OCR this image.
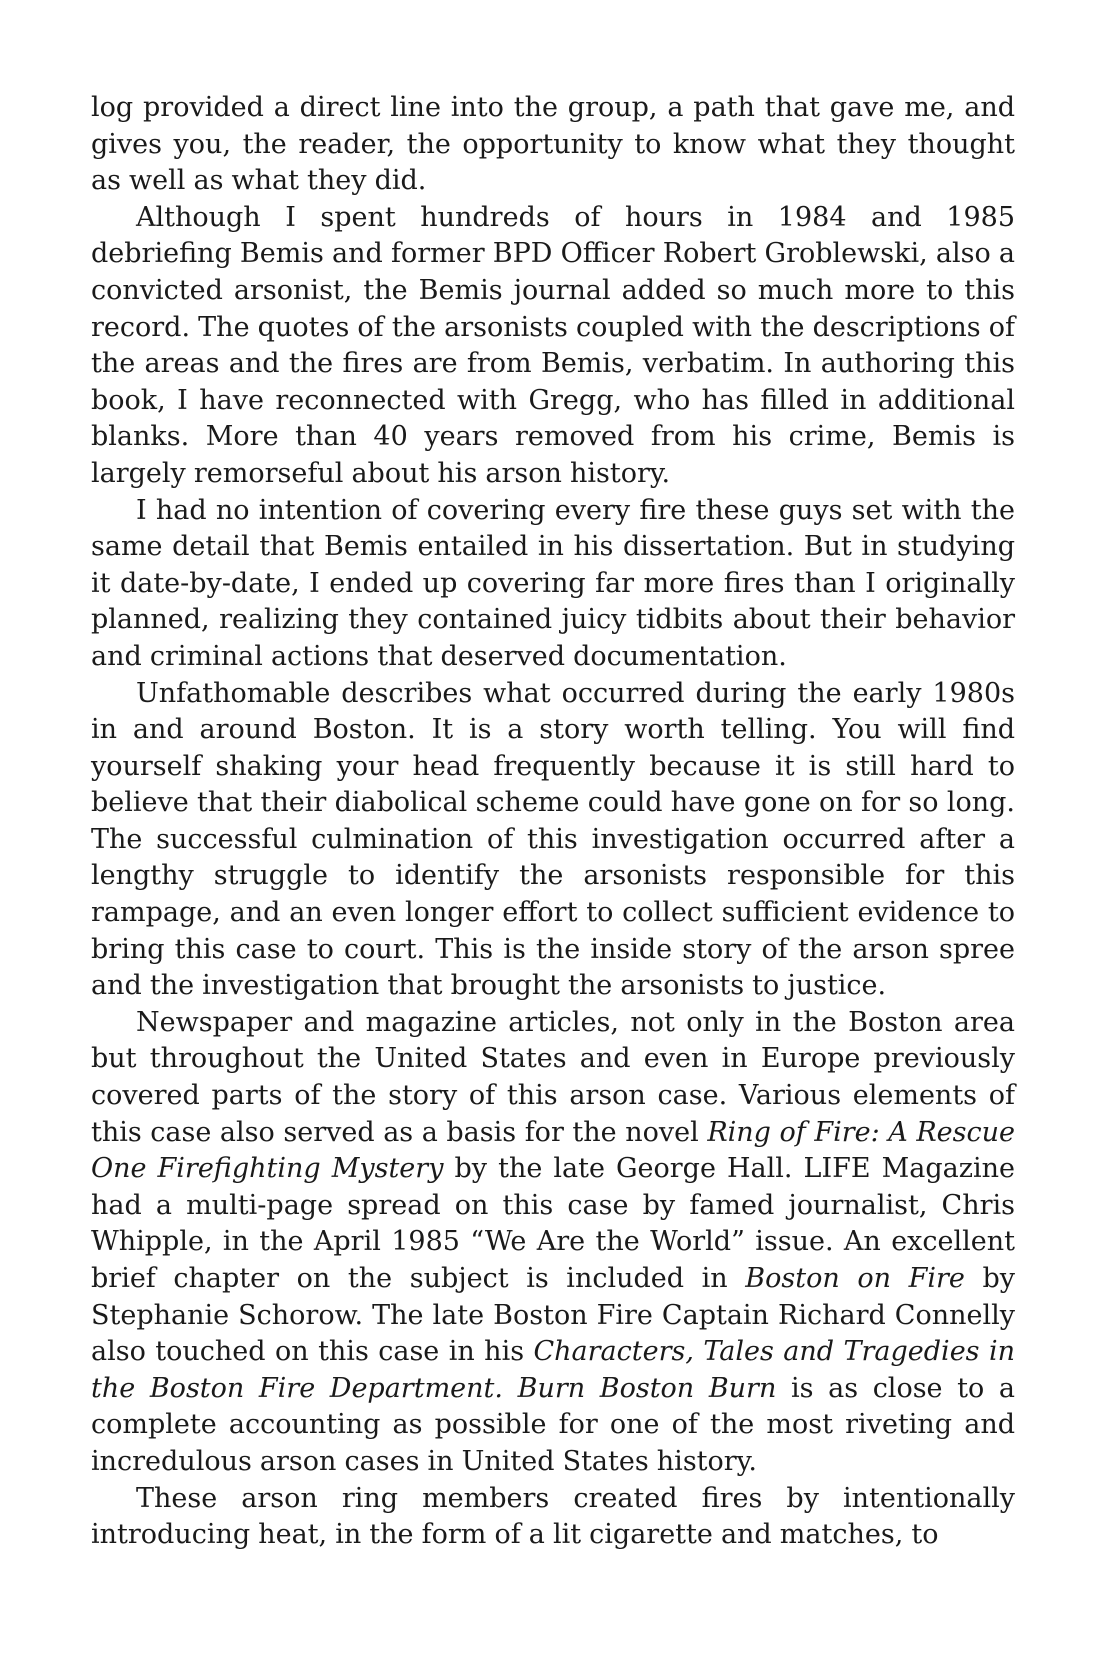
log provided a direct line into the group, a path that gave me, and gives you, the reader, the opportunity to know what they thought as well as what they did.

Although I spent hundreds of hours in 1984 and 1985 debriefing Bemis and former BPD Officer Robert Groblewski, also a convicted arsonist, the Bemis journal added so much more to this record. The quotes of the arsonists coupled with the descriptions of the areas and the fires are from Bemis, verbatim. In authoring this book, I have reconnected with Gregg, who has filled in additional blanks. More than 40 years removed from his crime, Bemis is largely remorseful about his arson history.

I had no intention of covering every fire these guys set with the same detail that Bemis entailed in his dissertation. But in studying it date-by-date, I ended up covering far more fires than I originally planned, realizing they contained juicy tidbits about their behavior and criminal actions that deserved documentation.

Unfathomable describes what occurred during the early 1980s in and around Boston. It is a story worth telling. You will find yourself shaking your head frequently because it is still hard to believe that their diabolical scheme could have gone on for so long. The successful culmination of this investigation occurred after a lengthy struggle to identify the arsonists responsible for this rampage, and an even longer effort to collect sufficient evidence to bring this case to court. This is the inside story of the arson spree and the investigation that brought the arsonists to justice.

Newspaper and magazine articles, not only in the Boston area but throughout the United States and even in Europe previously covered parts of the story of this arson case. Various elements of this case also served as a basis for the novel Ring of Fire: A Rescue One Firefighting Mystery by the late George Hall. LIFE Magazine had a multi-page spread on this case by famed journalist, Chris Whipple, in the April 1985 “We Are the World” issue. An excellent brief chapter on the subject is included in Boston on Fire by Stephanie Schorow. The late Boston Fire Captain Richard Connelly also touched on this case in his Characters, Tales and Tragedies in the Boston Fire Department. Burn Boston Burn is as close to a complete accounting as possible for one of the most riveting and incredulous arson cases in United States history.

These arson ring members created fires by intentionally introducing heat, in the form of a lit cigarette and matches, to
